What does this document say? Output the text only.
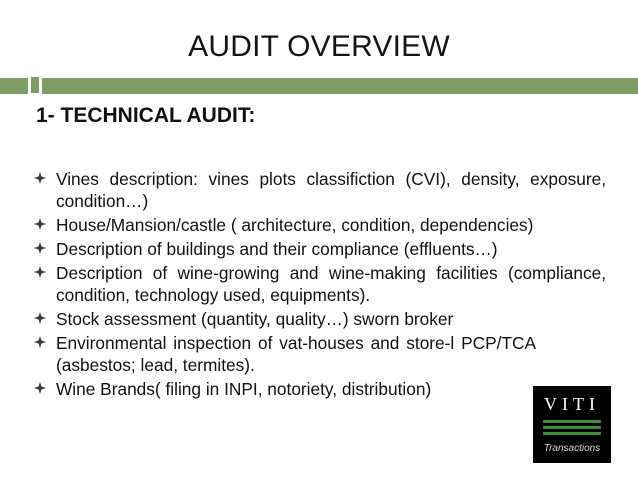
AUDIT OVERVIEW
1- TECHNICAL AUDIT:
Vines description: vines plots classifiction (CVI), density, exposure, condition…)
House/Mansion/castle ( architecture, condition, dependencies)
Description of buildings and their compliance (effluents…)
Description of wine-growing and wine-making facilities (compliance, condition, technology used, equipments).
Stock assessment (quantity, quality…) sworn broker
Environmental inspection of vat-houses and store-l PCP/TCA (asbestos; lead, termites).
Wine Brands( filing in INPI, notoriety, distribution)
VITI
Transactions
